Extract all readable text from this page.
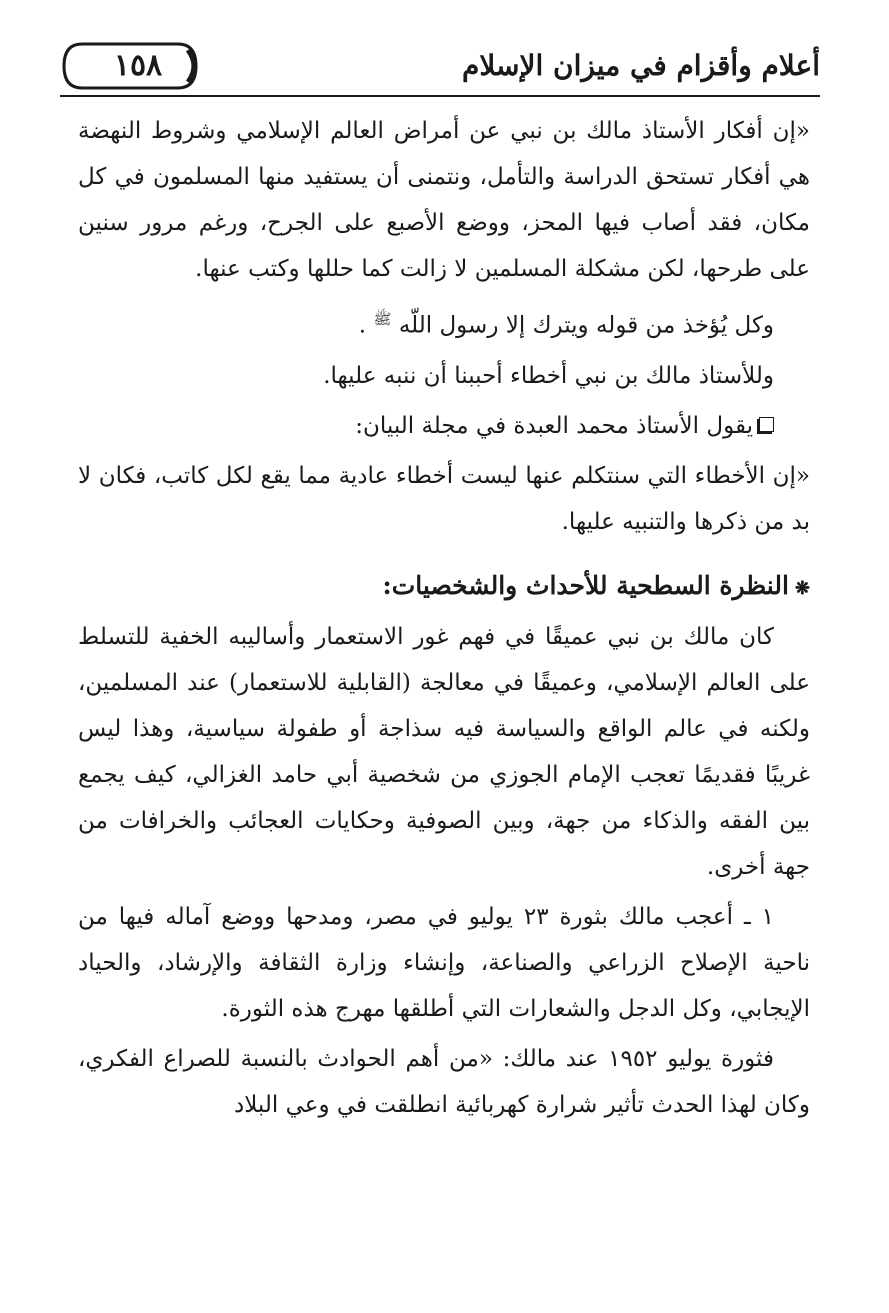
١٥٨	أعلام وأقزام في ميزان الإسلام

«إن أفكار الأستاذ مالك بن نبي عن أمراض العالم الإسلامي وشروط النهضة هي أفكار تستحق الدراسة والتأمل، ونتمنى أن يستفيد منها المسلمون في كل مكان، فقد أصاب فيها المحز، ووضع الأصبع على الجرح، ورغم مرور سنين على طرحها، لكن مشكلة المسلمين لا زالت كما حللها وكتب عنها.

وكل يُؤخذ من قوله ويترك إلا رسول اللّه $^ﷺ$ .

وللأستاذ مالك بن نبي أخطاء أحببنا أن ننبه عليها.

يقول الأستاذ محمد العبدة في مجلة البيان:

«إن الأخطاء التي سنتكلم عنها ليست أخطاء عادية مما يقع لكل كاتب، فكان لا بد من ذكرها والتنبيه عليها.

❋النظرة السطحية للأحداث والشخصيات:

كان مالك بن نبي عميقًا في فهم غور الاستعمار وأساليبه الخفية للتسلط على العالم الإسلامي، وعميقًا في معالجة (القابلية للاستعمار) عند المسلمين، ولكنه في عالم الواقع والسياسة فيه سذاجة أو طفولة سياسية، وهذا ليس غريبًا فقديمًا تعجب الإمام الجوزي من شخصية أبي حامد الغزالي، كيف يجمع بين الفقه والذكاء من جهة، وبين الصوفية وحكايات العجائب والخرافات من جهة أخرى.

١ ـ أعجب مالك بثورة ٢٣ يوليو في مصر، ومدحها ووضع آماله فيها من ناحية الإصلاح الزراعي والصناعة، وإنشاء وزارة الثقافة والإرشاد، والحياد الإيجابي، وكل الدجل والشعارات التي أطلقها مهرج هذه الثورة.

فثورة يوليو ١٩٥٢ عند مالك: «من أهم الحوادث بالنسبة للصراع الفكري، وكان لهذا الحدث تأثير شرارة كهربائية انطلقت في وعي البلاد
